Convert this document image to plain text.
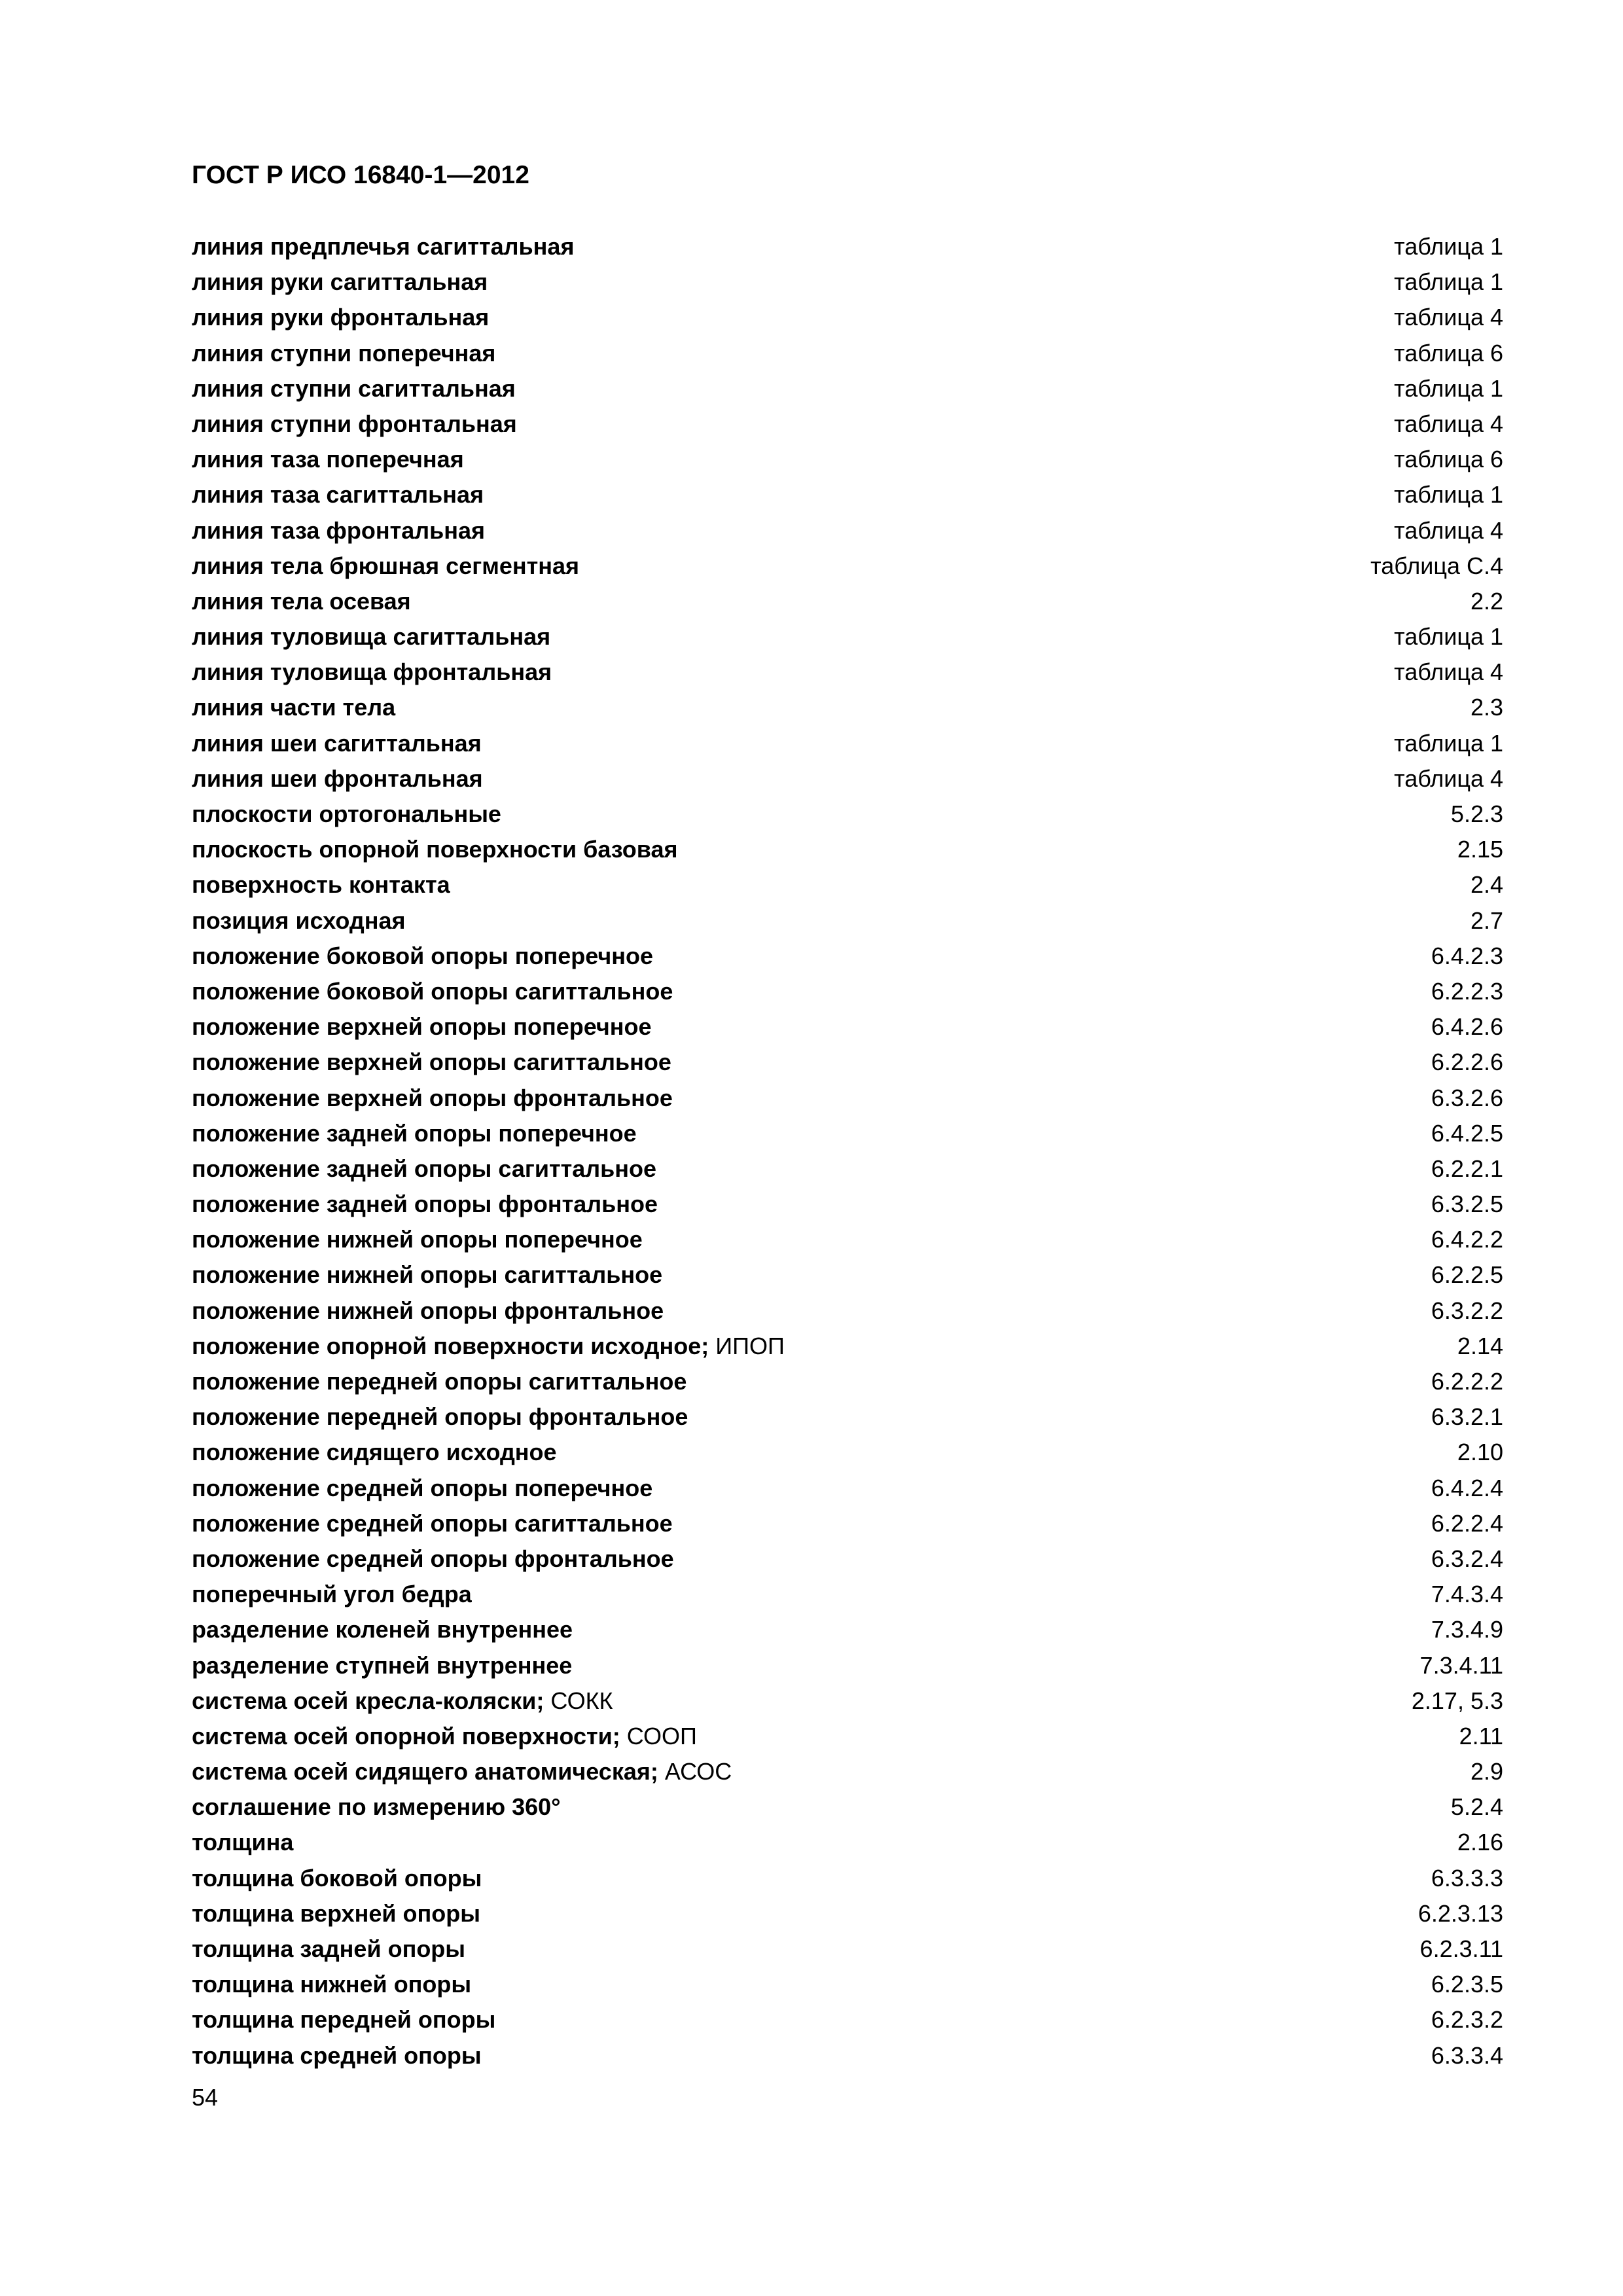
ГОСТ Р ИСО 16840-1—2012
линия предплечья сагиттальная	таблица 1
линия руки сагиттальная	таблица 1
линия руки фронтальная	таблица 4
линия ступни поперечная	таблица 6
линия ступни сагиттальная	таблица 1
линия ступни фронтальная	таблица 4
линия таза поперечная	таблица 6
линия таза сагиттальная	таблица 1
линия таза фронтальная	таблица 4
линия тела брюшная сегментная	таблица С.4
линия тела осевая	2.2
линия туловища сагиттальная	таблица 1
линия туловища фронтальная	таблица 4
линия части тела	2.3
линия шеи сагиттальная	таблица 1
линия шеи фронтальная	таблица 4
плоскости ортогональные	5.2.3
плоскость опорной поверхности базовая	2.15
поверхность контакта	2.4
позиция исходная	2.7
положение боковой опоры поперечное	6.4.2.3
положение боковой опоры сагиттальное	6.2.2.3
положение верхней опоры поперечное	6.4.2.6
положение верхней опоры сагиттальное	6.2.2.6
положение верхней опоры фронтальное	6.3.2.6
положение задней опоры поперечное	6.4.2.5
положение задней опоры сагиттальное	6.2.2.1
положение задней опоры фронтальное	6.3.2.5
положение нижней опоры поперечное	6.4.2.2
положение нижней опоры сагиттальное	6.2.2.5
положение нижней опоры фронтальное	6.3.2.2
положение опорной поверхности исходное; ИПОП	2.14
положение передней опоры сагиттальное	6.2.2.2
положение передней опоры фронтальное	6.3.2.1
положение сидящего исходное	2.10
положение средней опоры поперечное	6.4.2.4
положение средней опоры сагиттальное	6.2.2.4
положение средней опоры фронтальное	6.3.2.4
поперечный угол бедра	7.4.3.4
разделение коленей внутреннее	7.3.4.9
разделение ступней внутреннее	7.3.4.11
система осей кресла-коляски; СОКК	2.17, 5.3
система осей опорной поверхности; СООП	2.11
система осей сидящего анатомическая; АСОС	2.9
соглашение по измерению 360°	5.2.4
толщина	2.16
толщина боковой опоры	6.3.3.3
толщина верхней опоры	6.2.3.13
толщина задней опоры	6.2.3.11
толщина нижней опоры	6.2.3.5
толщина передней опоры	6.2.3.2
толщина средней опоры	6.3.3.4
54
